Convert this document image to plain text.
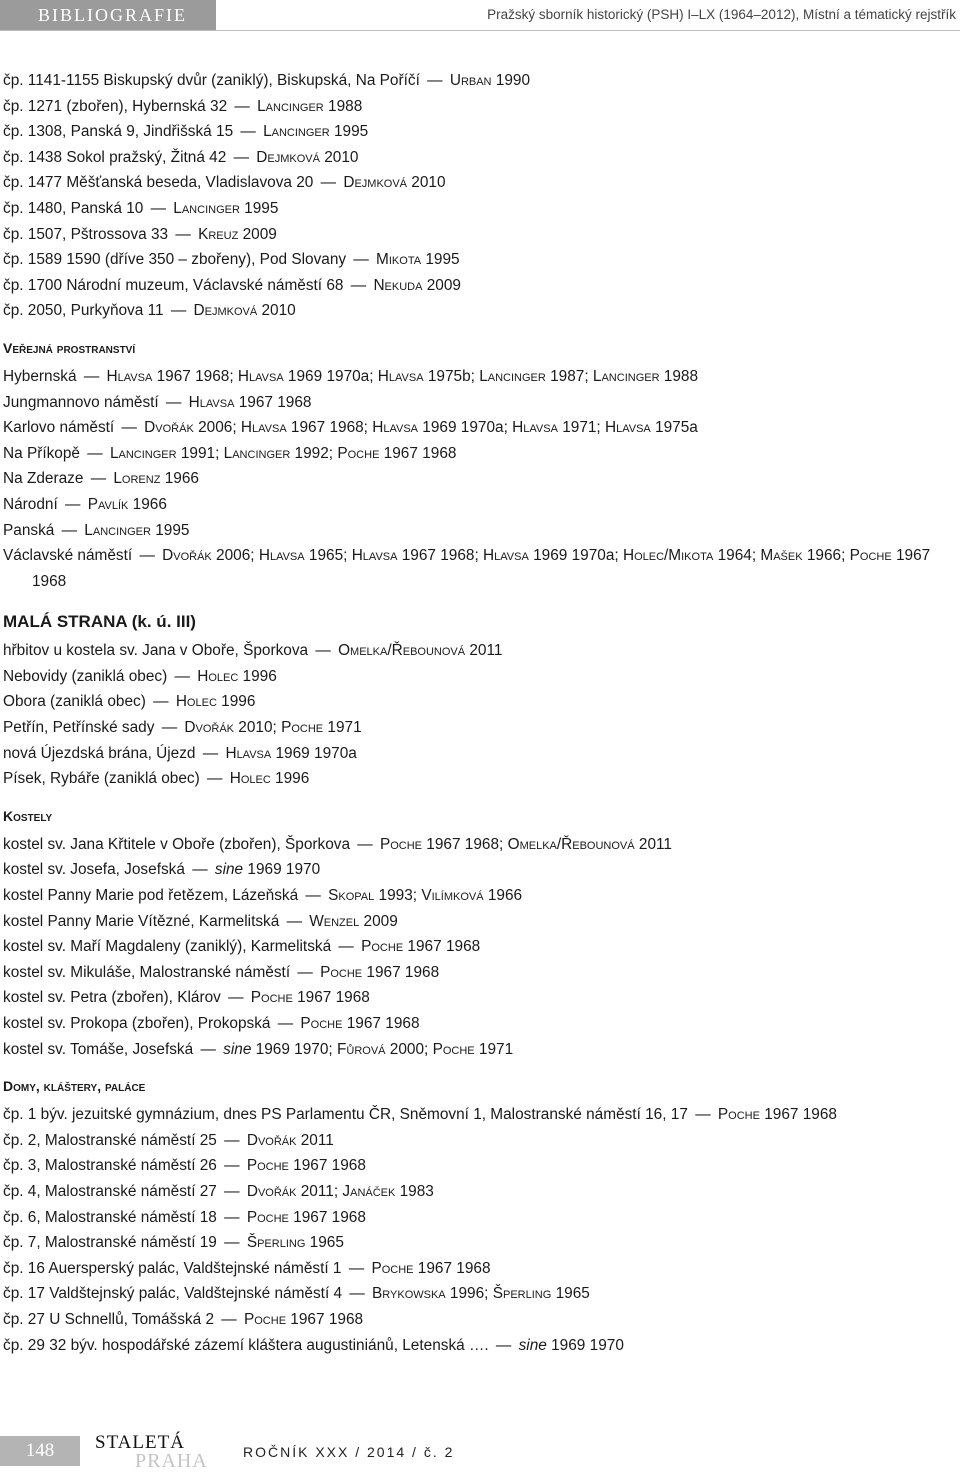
BIBLIOGRAFIE	Pražský sborník historický (PSH) I–LX (1964–2012), Místní a tématický rejstřík
čp. 1141-1155 Biskupský dvůr (zaniklý), Biskupská, Na Poříčí — Urban 1990
čp. 1271 (zbořen), Hybernská 32 — Lancinger 1988
čp. 1308, Panská 9, Jindřišská 15 — Lancinger 1995
čp. 1438 Sokol pražský, Žitná 42 — Dejmková 2010
čp. 1477 Měšťanská beseda, Vladislavova 20 — Dejmková 2010
čp. 1480, Panská 10 — Lancinger 1995
čp. 1507, Pštrossova 33 — Kreuz 2009
čp. 1589 1590 (dříve 350 – zbořeny), Pod Slovany — Mikota 1995
čp. 1700 Národní muzeum, Václavské náměstí 68 — Nekuda 2009
čp. 2050, Purkyňova 11 — Dejmková 2010
Veřejná prostranství
Hybernská — Hlavsa 1967 1968; Hlavsa 1969 1970a; Hlavsa 1975b; Lancinger 1987; Lancinger 1988
Jungmannovo náměstí — Hlavsa 1967 1968
Karlovo náměstí — Dvořák 2006; Hlavsa 1967 1968; Hlavsa 1969 1970a; Hlavsa 1971; Hlavsa 1975a
Na Příkopě — Lancinger 1991; Lancinger 1992; Poche 1967 1968
Na Zderaze — Lorenz 1966
Národní — Pavlík 1966
Panská — Lancinger 1995
Václavské náměstí — Dvořák 2006; Hlavsa 1965; Hlavsa 1967 1968; Hlavsa 1969 1970a; Holec/Mikota 1964; Mašek 1966; Poche 1967 1968
MALÁ STRANA (k. ú. III)
hřbitov u kostela sv. Jana v Oboře, Šporkova — Omelka/Řebounová 2011
Nebovidy (zaniklá obec) — Holec 1996
Obora (zaniklá obec) — Holec 1996
Petřín, Petřínské sady — Dvořák 2010; Poche 1971
nová Újezdská brána, Újezd — Hlavsa 1969 1970a
Písek, Rybáře (zaniklá obec) — Holec 1996
Kostely
kostel sv. Jana Křtitele v Oboře (zbořen), Šporkova — Poche 1967 1968; Omelka/Řebounová 2011
kostel sv. Josefa, Josefská — sine 1969 1970
kostel Panny Marie pod řetězem, Lázeňská — Skopal 1993; Vilímková 1966
kostel Panny Marie Vítězné, Karmelitská — Wenzel 2009
kostel sv. Maří Magdaleny (zaniklý), Karmelitská — Poche 1967 1968
kostel sv. Mikuláše, Malostranské náměstí — Poche 1967 1968
kostel sv. Petra (zbořen), Klárov — Poche 1967 1968
kostel sv. Prokopa (zbořen), Prokopská — Poche 1967 1968
kostel sv. Tomáše, Josefská — sine 1969 1970; Fůrová 2000; Poche 1971
Domy, kláštery, paláce
čp. 1 býv. jezuitské gymnázium, dnes PS Parlamentu ČR, Sněmovní 1, Malostranské náměstí 16, 17 — Poche 1967 1968
čp. 2, Malostranské náměstí 25 — Dvořák 2011
čp. 3, Malostranské náměstí 26 — Poche 1967 1968
čp. 4, Malostranské náměstí 27 — Dvořák 2011; Janáček 1983
čp. 6, Malostranské náměstí 18 — Poche 1967 1968
čp. 7, Malostranské náměstí 19 — Šperling 1965
čp. 16 Auersperský palác, Valdštejnské náměstí 1 — Poche 1967 1968
čp. 17 Valdštejnský palác, Valdštejnské náměstí 4 — Brykowska 1996; Šperling 1965
čp. 27 U Schnellů, Tomášská 2 — Poche 1967 1968
čp. 29 32 býv. hospodářské zázemí kláštera augustiniánů, Letenská …. — sine 1969 1970
148	STALETÁ
PRAHA	ROČNÍK XXX / 2014 / č. 2
